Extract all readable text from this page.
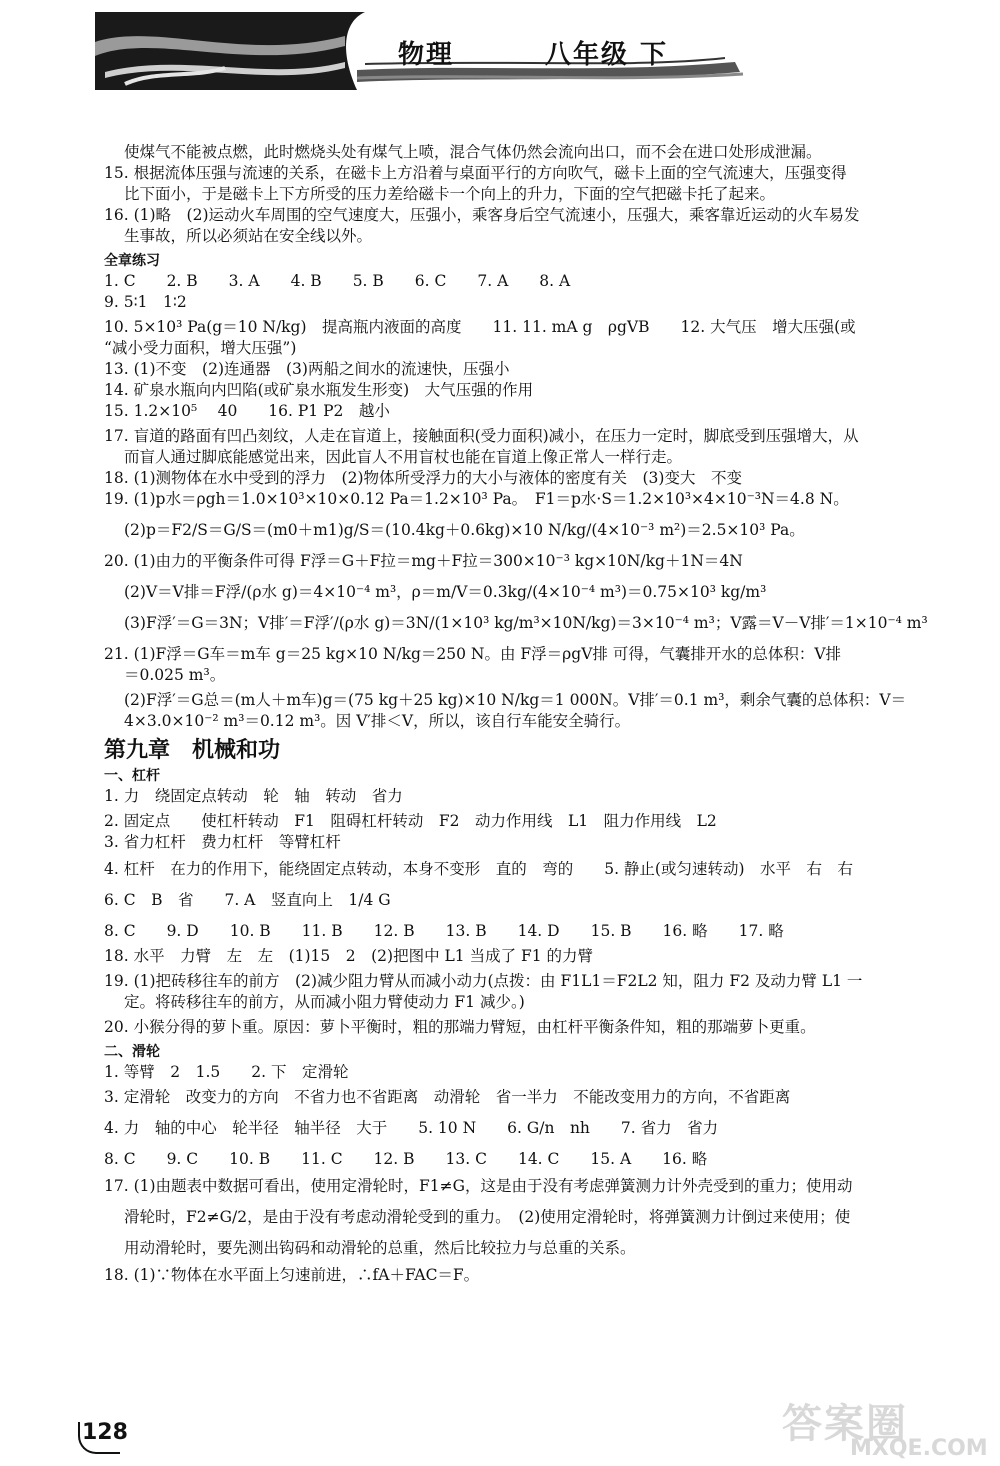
物理	八年级 下
使煤气不能被点燃，此时燃烧头处有煤气上喷，混合气体仍然会流向出口，而不会在进口处形成泄漏。
15. 根据流体压强与流速的关系，在磁卡上方沿着与桌面平行的方向吹气，磁卡上面的空气流速大，压强变得
比下面小，于是磁卡上下方所受的压力差给磁卡一个向上的升力，下面的空气把磁卡托了起来。
16. (1)略　(2)运动火车周围的空气速度大，压强小，乘客身后空气流速小，压强大，乘客靠近运动的火车易发
生事故，所以必须站在安全线以外。
全章练习
1. C　　2. B　　3. A　　4. B　　5. B　　6. C　　7. A　　8. A
9. 5∶1　1∶2
10. 5×10³ Pa(g＝10 N/kg)　提高瓶内液面的高度　　11. 11. mA g　ρgVB　　12. 大气压　增大压强(或
“减小受力面积，增大压强”)
13. (1)不变　(2)连通器　(3)两船之间水的流速快，压强小
14. 矿泉水瓶向内凹陷(或矿泉水瓶发生形变)　大气压强的作用
15. 1.2×10⁵　 40　　16. P1 P2　越小
17. 盲道的路面有凹凸刻纹，人走在盲道上，接触面积(受力面积)减小，在压力一定时，脚底受到压强增大，从
而盲人通过脚底能感觉出来，因此盲人不用盲杖也能在盲道上像正常人一样行走。
18. (1)测物体在水中受到的浮力　(2)物体所受浮力的大小与液体的密度有关　(3)变大　不变
19. (1)p水＝ρgh＝1.0×10³×10×0.12 Pa＝1.2×10³ Pa。　F1＝p水·S＝1.2×10³×4×10⁻³N＝4.8 N。
(2)p＝F2/S＝G/S＝(m0＋m1)g/S＝(10.4kg＋0.6kg)×10 N/kg/(4×10⁻³ m²)＝2.5×10³ Pa。
20. (1)由力的平衡条件可得 F浮＝G＋F拉＝mg＋F拉＝300×10⁻³ kg×10N/kg＋1N＝4N
(2)V＝V排＝F浮/(ρ水 g)＝4×10⁻⁴ m³，ρ＝m/V＝0.3kg/(4×10⁻⁴ m³)＝0.75×10³ kg/m³
(3)F浮′＝G＝3N；V排′＝F浮′/(ρ水 g)＝3N/(1×10³ kg/m³×10N/kg)＝3×10⁻⁴ m³；V露＝V－V排′＝1×10⁻⁴ m³
21. (1)F浮＝G车＝m车 g＝25 kg×10 N/kg＝250 N。由 F浮＝ρgV排 可得，气囊排开水的总体积：V排
＝0.025 m³。
(2)F浮′＝G总＝(m人＋m车)g＝(75 kg＋25 kg)×10 N/kg＝1 000N。V排′＝0.1 m³，剩余气囊的总体积：V＝
4×3.0×10⁻² m³＝0.12 m³。因 V′排＜V，所以，该自行车能安全骑行。
第九章　机械和功
一、杠杆
1. 力　绕固定点转动　轮　轴　转动　省力
2. 固定点　　使杠杆转动　F1　阻碍杠杆转动　F2　动力作用线　L1　阻力作用线　L2
3. 省力杠杆　费力杠杆　等臂杠杆
4. 杠杆　在力的作用下，能绕固定点转动，本身不变形　直的　弯的　　5. 静止(或匀速转动)　水平　右　右
6. C　B　省　　7. A　竖直向上　1/4 G
8. C　　9. D　　10. B　　11. B　　12. B　　13. B　　14. D　　15. B　　16. 略　　17. 略
18. 水平　力臂　左　左　(1)15　2　(2)把图中 L1 当成了 F1 的力臂
19. (1)把砖移往车的前方　(2)减少阻力臂从而减小动力(点拨：由 F1L1＝F2L2 知，阻力 F2 及动力臂 L1 一
定。将砖移往车的前方，从而减小阻力臂使动力 F1 减少。)
20. 小猴分得的萝卜重。原因：萝卜平衡时，粗的那端力臂短，由杠杆平衡条件知，粗的那端萝卜更重。
二、滑轮
1. 等臂　2　1.5　　2. 下　定滑轮
3. 定滑轮　改变力的方向　不省力也不省距离　动滑轮　省一半力　不能改变用力的方向，不省距离
4. 力　轴的中心　轮半径　轴半径　大于　　5. 10 N　　6. G/n　nh　　7. 省力　省力
8. C　　9. C　　10. B　　11. C　　12. B　　13. C　　14. C　　15. A　　16. 略
17. (1)由题表中数据可看出，使用定滑轮时，F1≠G，这是由于没有考虑弹簧测力计外壳受到的重力；使用动
滑轮时，F2≠G/2，是由于没有考虑动滑轮受到的重力。　(2)使用定滑轮时，将弹簧测力计倒过来使用；使
用动滑轮时，要先测出钩码和动滑轮的总重，然后比较拉力与总重的关系。
18. (1)∵物体在水平面上匀速前进，∴fA＋FAC＝F。
128	答案圈
MXQE.COM
